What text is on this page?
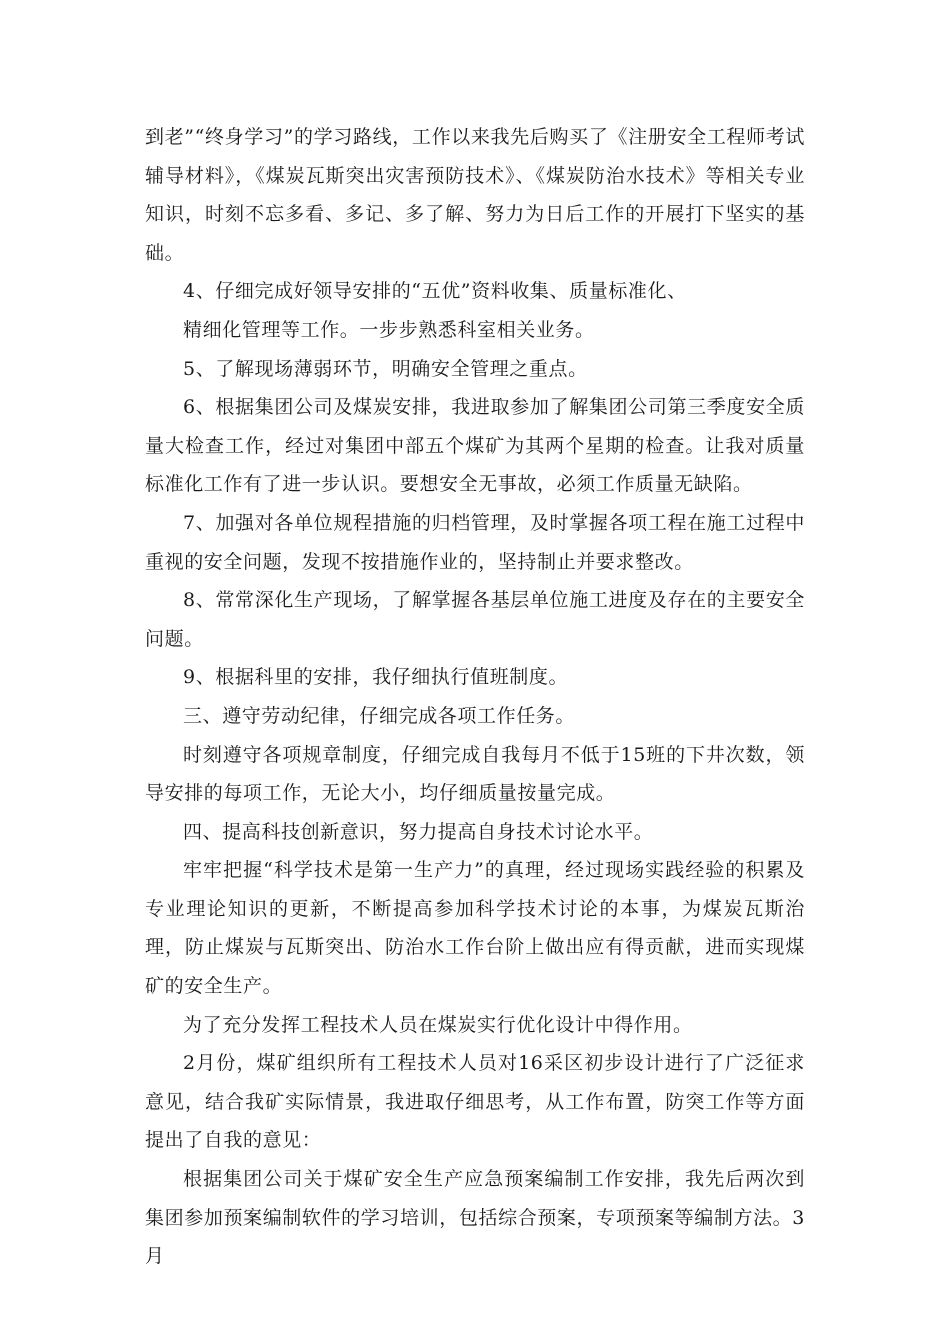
到老”“终身学习”的学习路线，工作以来我先后购买了《注册安全工程师考试辅导材料》，《煤炭瓦斯突出灾害预防技术》、《煤炭防治水技术》等相关专业知识，时刻不忘多看、多记、多了解、努力为日后工作的开展打下坚实的基础。

4、仔细完成好领导安排的“五优”资料收集、质量标准化、

精细化管理等工作。一步步熟悉科室相关业务。

5、了解现场薄弱环节，明确安全管理之重点。

6、根据集团公司及煤炭安排，我进取参加了解集团公司第三季度安全质量大检查工作，经过对集团中部五个煤矿为其两个星期的检查。让我对质量标准化工作有了进一步认识。要想安全无事故，必须工作质量无缺陷。

7、加强对各单位规程措施的归档管理，及时掌握各项工程在施工过程中重视的安全问题，发现不按措施作业的，坚持制止并要求整改。

8、常常深化生产现场，了解掌握各基层单位施工进度及存在的主要安全问题。

9、根据科里的安排，我仔细执行值班制度。

三、遵守劳动纪律，仔细完成各项工作任务。

时刻遵守各项规章制度，仔细完成自我每月不低于15班的下井次数，领导安排的每项工作，无论大小，均仔细质量按量完成。

四、提高科技创新意识，努力提高自身技术讨论水平。

牢牢把握“科学技术是第一生产力”的真理，经过现场实践经验的积累及专业理论知识的更新，不断提高参加科学技术讨论的本事，为煤炭瓦斯治理，防止煤炭与瓦斯突出、防治水工作台阶上做出应有得贡献，进而实现煤矿的安全生产。

为了充分发挥工程技术人员在煤炭实行优化设计中得作用。

2月份，煤矿组织所有工程技术人员对16采区初步设计进行了广泛征求意见，结合我矿实际情景，我进取仔细思考，从工作布置，防突工作等方面提出了自我的意见：

根据集团公司关于煤矿安全生产应急预案编制工作安排，我先后两次到集团参加预案编制软件的学习培训，包括综合预案，专项预案等编制方法。3月
